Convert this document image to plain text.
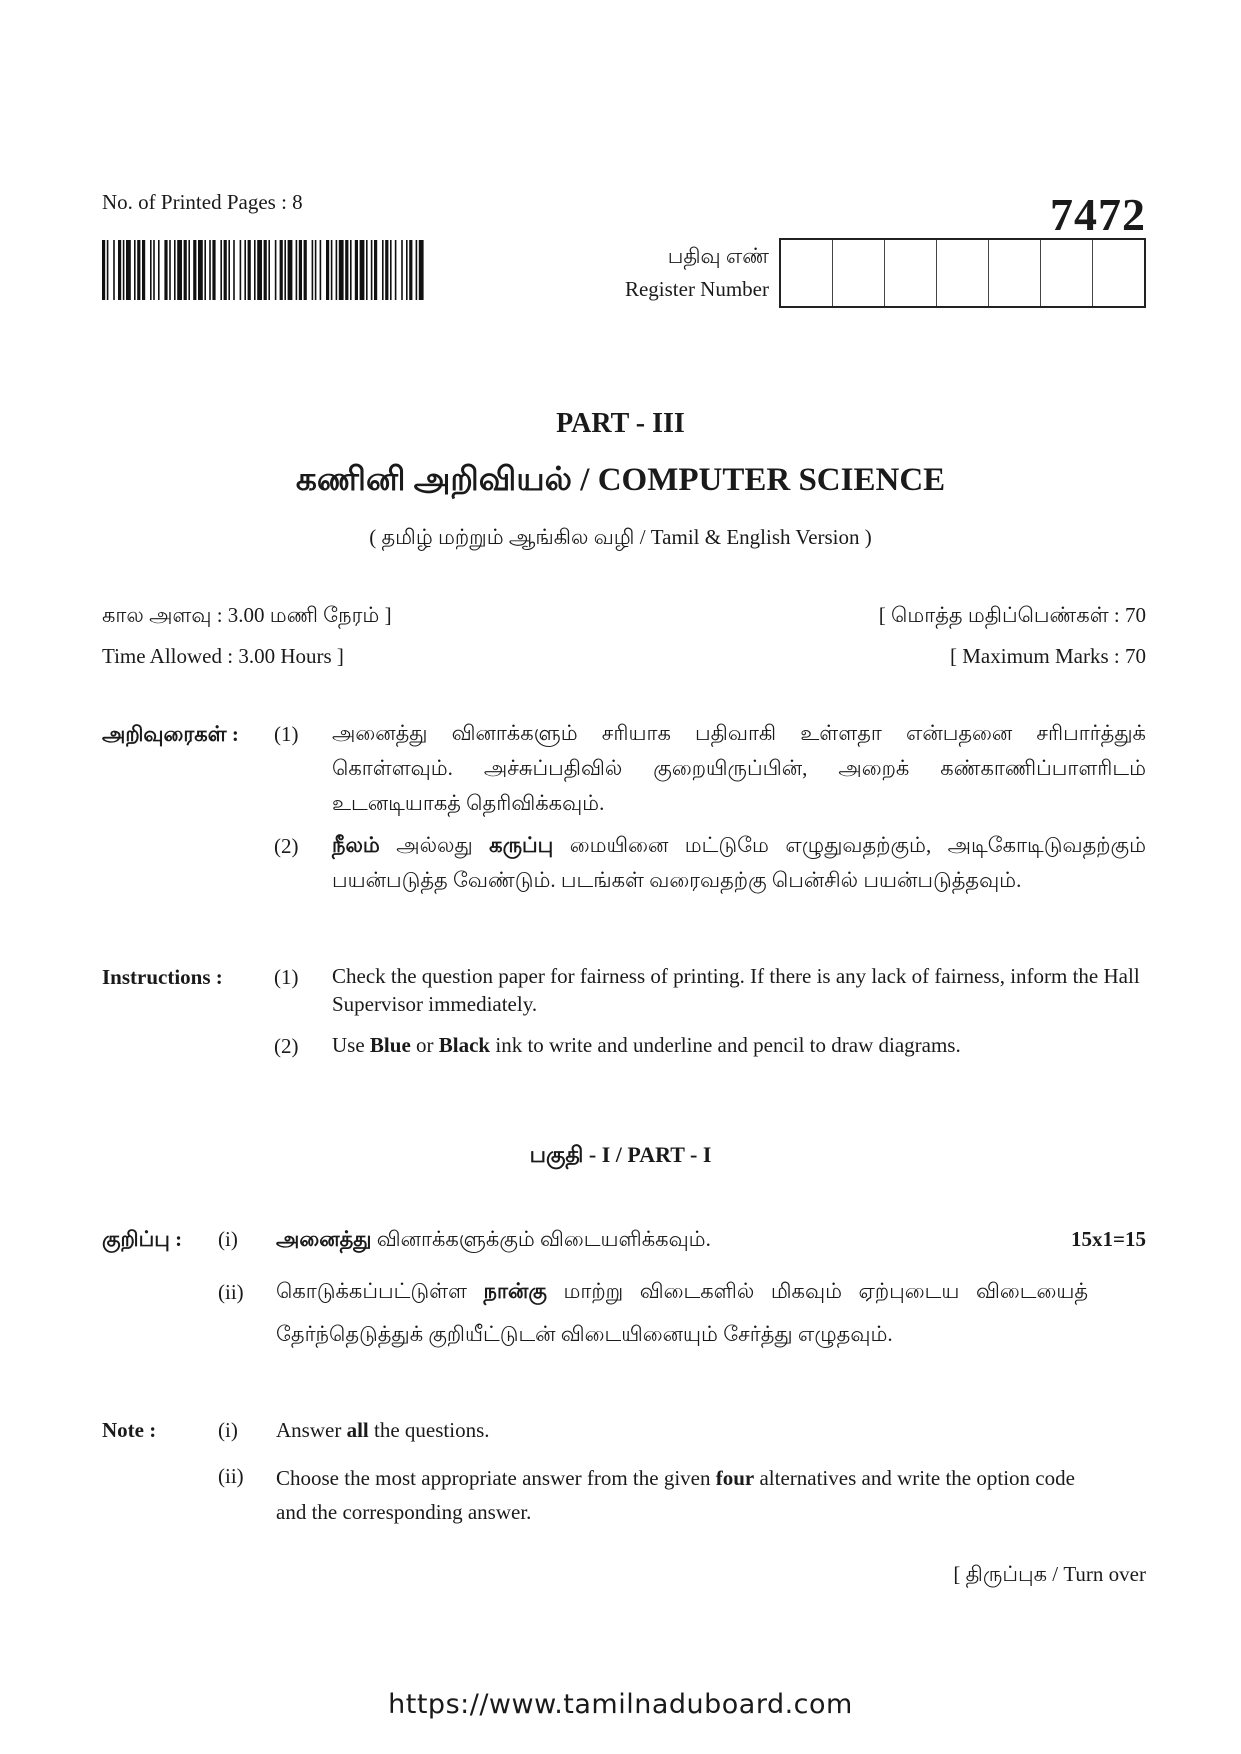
No. of Printed Pages : 8	7472
பதிவு எண்
Register Number
PART - III
கணினி அறிவியல் / COMPUTER SCIENCE
( தமிழ் மற்றும் ஆங்கில வழி / Tamil & English Version )
கால அளவு : 3.00 மணி நேரம் ]
Time Allowed : 3.00 Hours ]
[ மொத்த மதிப்பெண்கள் : 70
[ Maximum Marks : 70
அறிவுரைகள் : (1) அனைத்து வினாக்களும் சரியாக பதிவாகி உள்ளதா என்பதனை சரிபார்த்துக் கொள்ளவும். அச்சுப்பதிவில் குறையிருப்பின், அறைக் கண்காணிப்பாளரிடம் உடனடியாகத் தெரிவிக்கவும்.
(2) நீலம் அல்லது கருப்பு மையினை மட்டுமே எழுதுவதற்கும், அடிகோடிடுவதற்கும் பயன்படுத்த வேண்டும். படங்கள் வரைவதற்கு பென்சில் பயன்படுத்தவும்.
Instructions : (1) Check the question paper for fairness of printing. If there is any lack of fairness, inform the Hall Supervisor immediately.
(2) Use Blue or Black ink to write and underline and pencil to draw diagrams.
பகுதி - I / PART - I
குறிப்பு : (i) அனைத்து வினாக்களுக்கும் விடையளிக்கவும்.	15x1=15
(ii) கொடுக்கப்பட்டுள்ள நான்கு மாற்று விடைகளில் மிகவும் ஏற்புடைய விடையைத் தேர்ந்தெடுத்துக் குறியீட்டுடன் விடையினையும் சேர்த்து எழுதவும்.
Note :	(i) Answer all the questions.
(ii) Choose the most appropriate answer from the given four alternatives and write the option code and the corresponding answer.
[ திருப்புக / Turn over
https://www.tamilnaduboard.com
